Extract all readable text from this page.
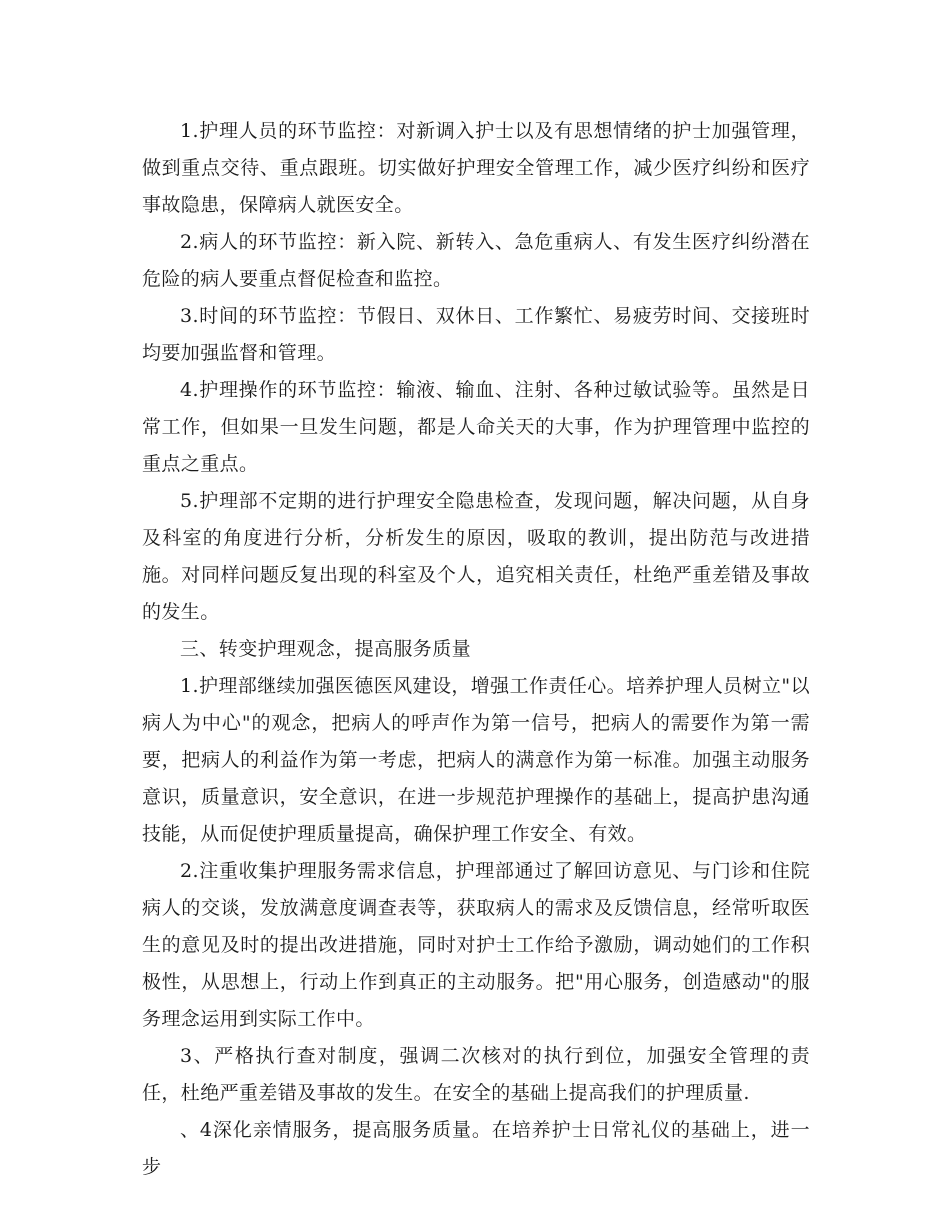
1.护理人员的环节监控：对新调入护士以及有思想情绪的护士加强管理，做到重点交待、重点跟班。切实做好护理安全管理工作，减少医疗纠纷和医疗事故隐患，保障病人就医安全。

2.病人的环节监控：新入院、新转入、急危重病人、有发生医疗纠纷潜在危险的病人要重点督促检查和监控。

3.时间的环节监控：节假日、双休日、工作繁忙、易疲劳时间、交接班时均要加强监督和管理。

4.护理操作的环节监控：输液、输血、注射、各种过敏试验等。虽然是日常工作，但如果一旦发生问题，都是人命关天的大事，作为护理管理中监控的重点之重点。

5.护理部不定期的进行护理安全隐患检查，发现问题，解决问题，从自身及科室的角度进行分析，分析发生的原因，吸取的教训，提出防范与改进措施。对同样问题反复出现的科室及个人，追究相关责任，杜绝严重差错及事故的发生。

三、转变护理观念，提高服务质量

1.护理部继续加强医德医风建设，增强工作责任心。培养护理人员树立"以病人为中心"的观念，把病人的呼声作为第一信号，把病人的需要作为第一需要，把病人的利益作为第一考虑，把病人的满意作为第一标准。加强主动服务意识，质量意识，安全意识，在进一步规范护理操作的基础上，提高护患沟通技能，从而促使护理质量提高，确保护理工作安全、有效。

2.注重收集护理服务需求信息，护理部通过了解回访意见、与门诊和住院病人的交谈，发放满意度调查表等，获取病人的需求及反馈信息，经常听取医生的意见及时的提出改进措施，同时对护士工作给予激励，调动她们的工作积极性，从思想上，行动上作到真正的主动服务。把"用心服务，创造感动"的服务理念运用到实际工作中。

3、严格执行查对制度，强调二次核对的执行到位，加强安全管理的责任，杜绝严重差错及事故的发生。在安全的基础上提高我们的护理质量.

、4深化亲情服务，提高服务质量。在培养护士日常礼仪的基础上，进一步
